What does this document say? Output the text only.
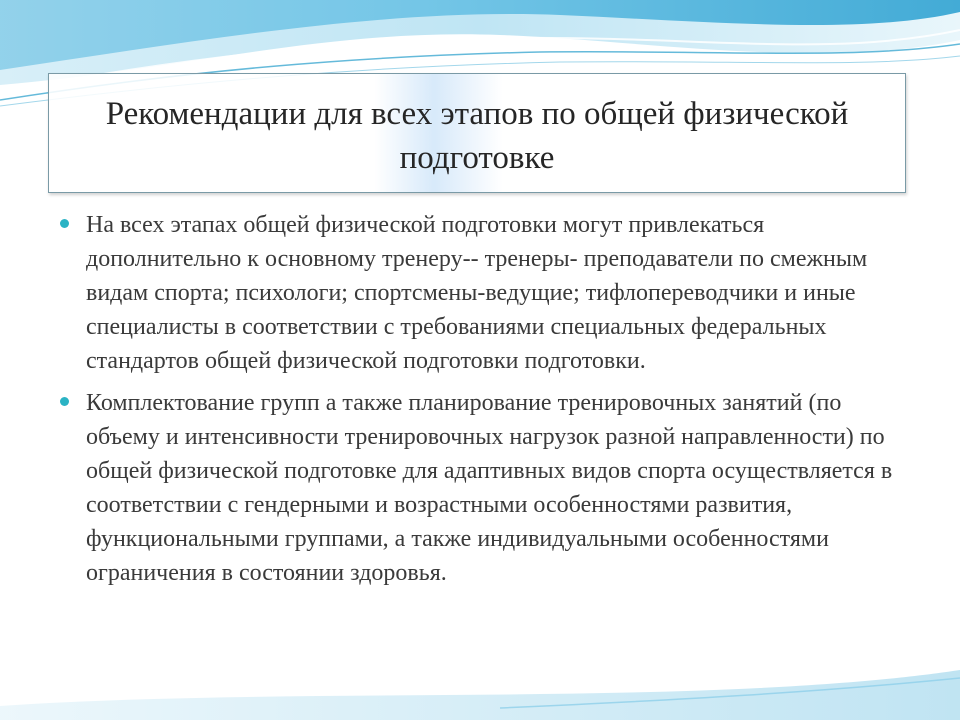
Рекомендации для всех этапов по общей физической подготовке
На всех этапах общей физической подготовки могут привлекаться дополнительно к основному тренеру-- тренеры- преподаватели по смежным видам спорта; психологи; спортсмены-ведущие; тифлопереводчики и иные специалисты в соответствии с требованиями специальных федеральных стандартов общей физической подготовки подготовки.
Комплектование групп а также планирование тренировочных занятий (по объему и интенсивности тренировочных нагрузок разной направленности) по общей физической подготовке для адаптивных видов спорта осуществляется в соответствии с гендерными и возрастными особенностями развития, функциональными группами, а также индивидуальными особенностями ограничения в состоянии здоровья.
